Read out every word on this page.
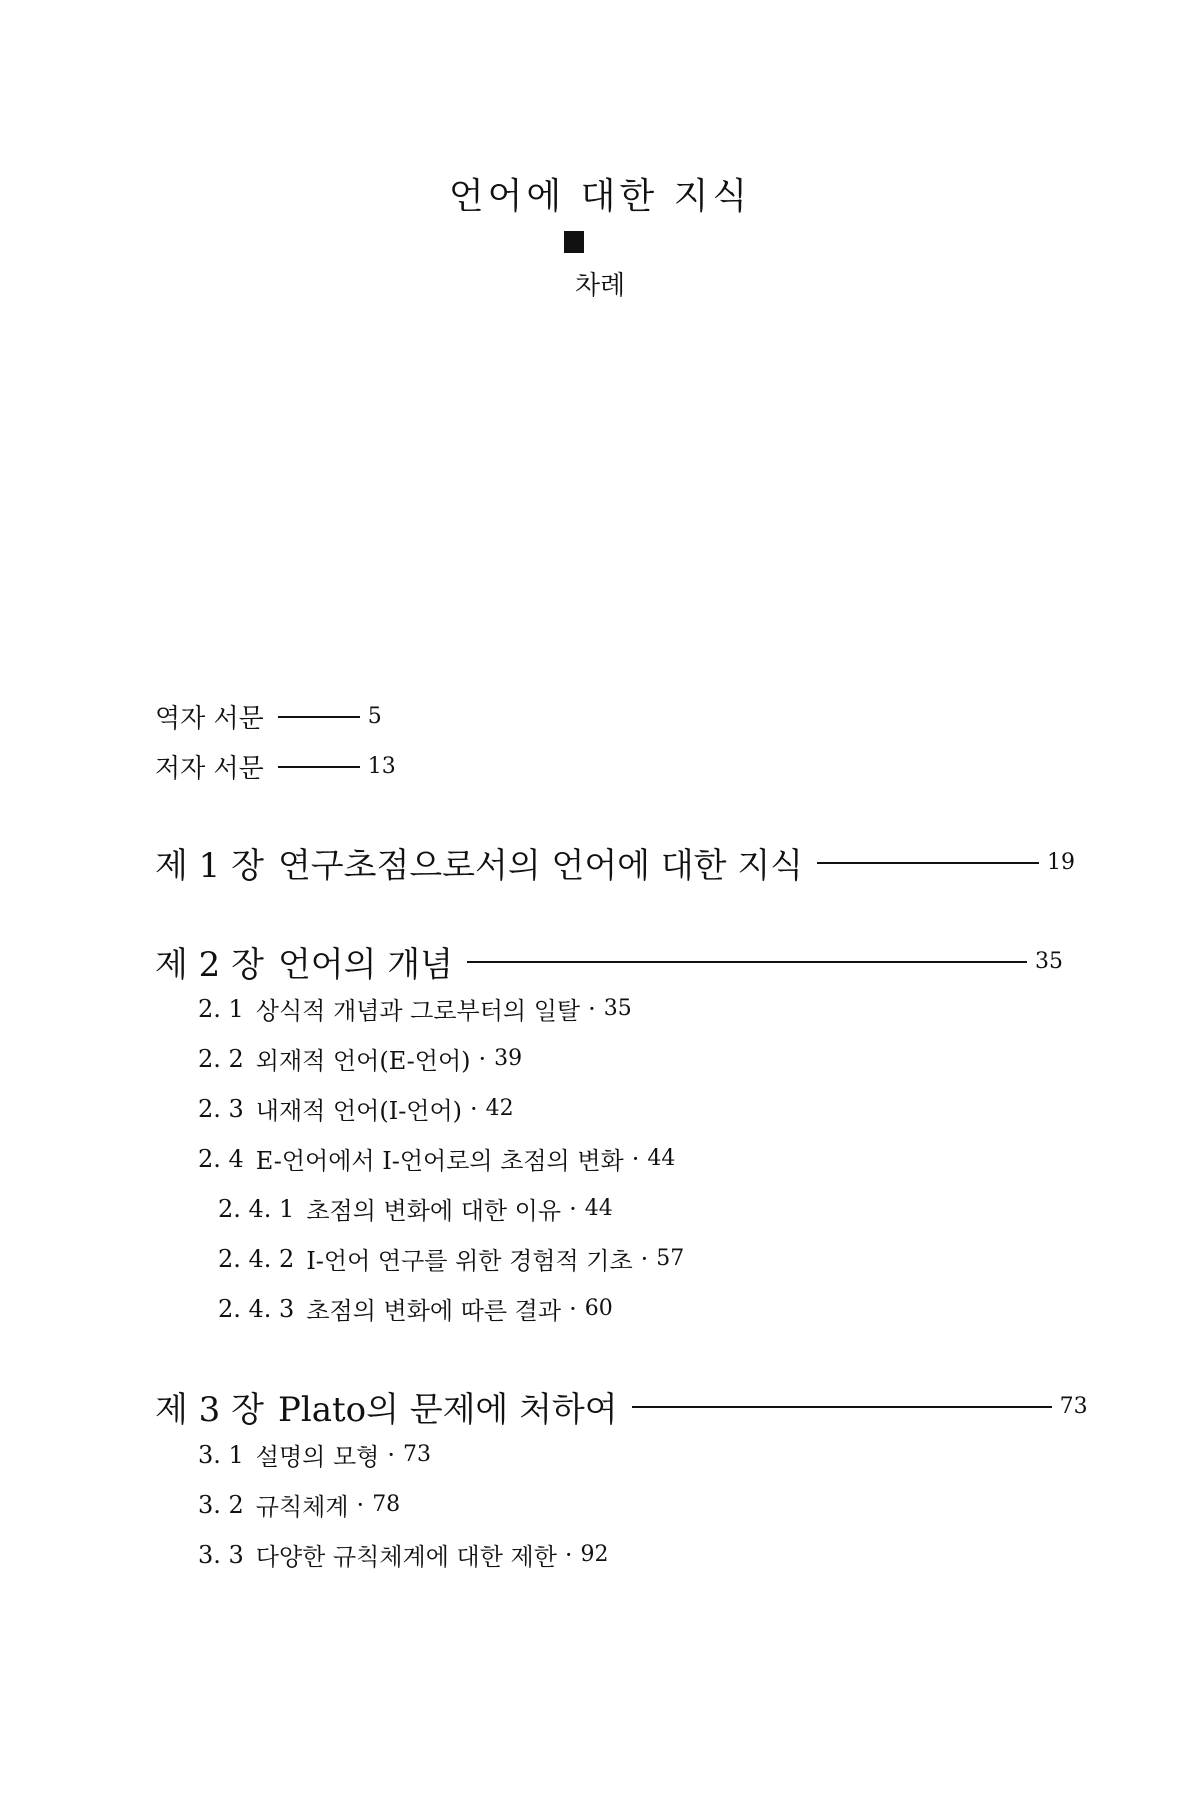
언어에 대한 지식
차례
역자 서문	5
저자 서문	13
제 1 장 연구초점으로서의 언어에 대한 지식	19
제 2 장 언어의 개념	35
2. 1 상식적 개념과 그로부터의 일탈 · 35
2. 2 외재적 언어(E-언어) · 39
2. 3 내재적 언어(I-언어) · 42
2. 4 E-언어에서 I-언어로의 초점의 변화 · 44
2. 4. 1 초점의 변화에 대한 이유 · 44
2. 4. 2 I-언어 연구를 위한 경험적 기초 · 57
2. 4. 3 초점의 변화에 따른 결과 · 60
제 3 장 Plato의 문제에 처하여	73
3. 1 설명의 모형 · 73
3. 2 규칙체계 · 78
3. 3 다양한 규칙체계에 대한 제한 · 92
